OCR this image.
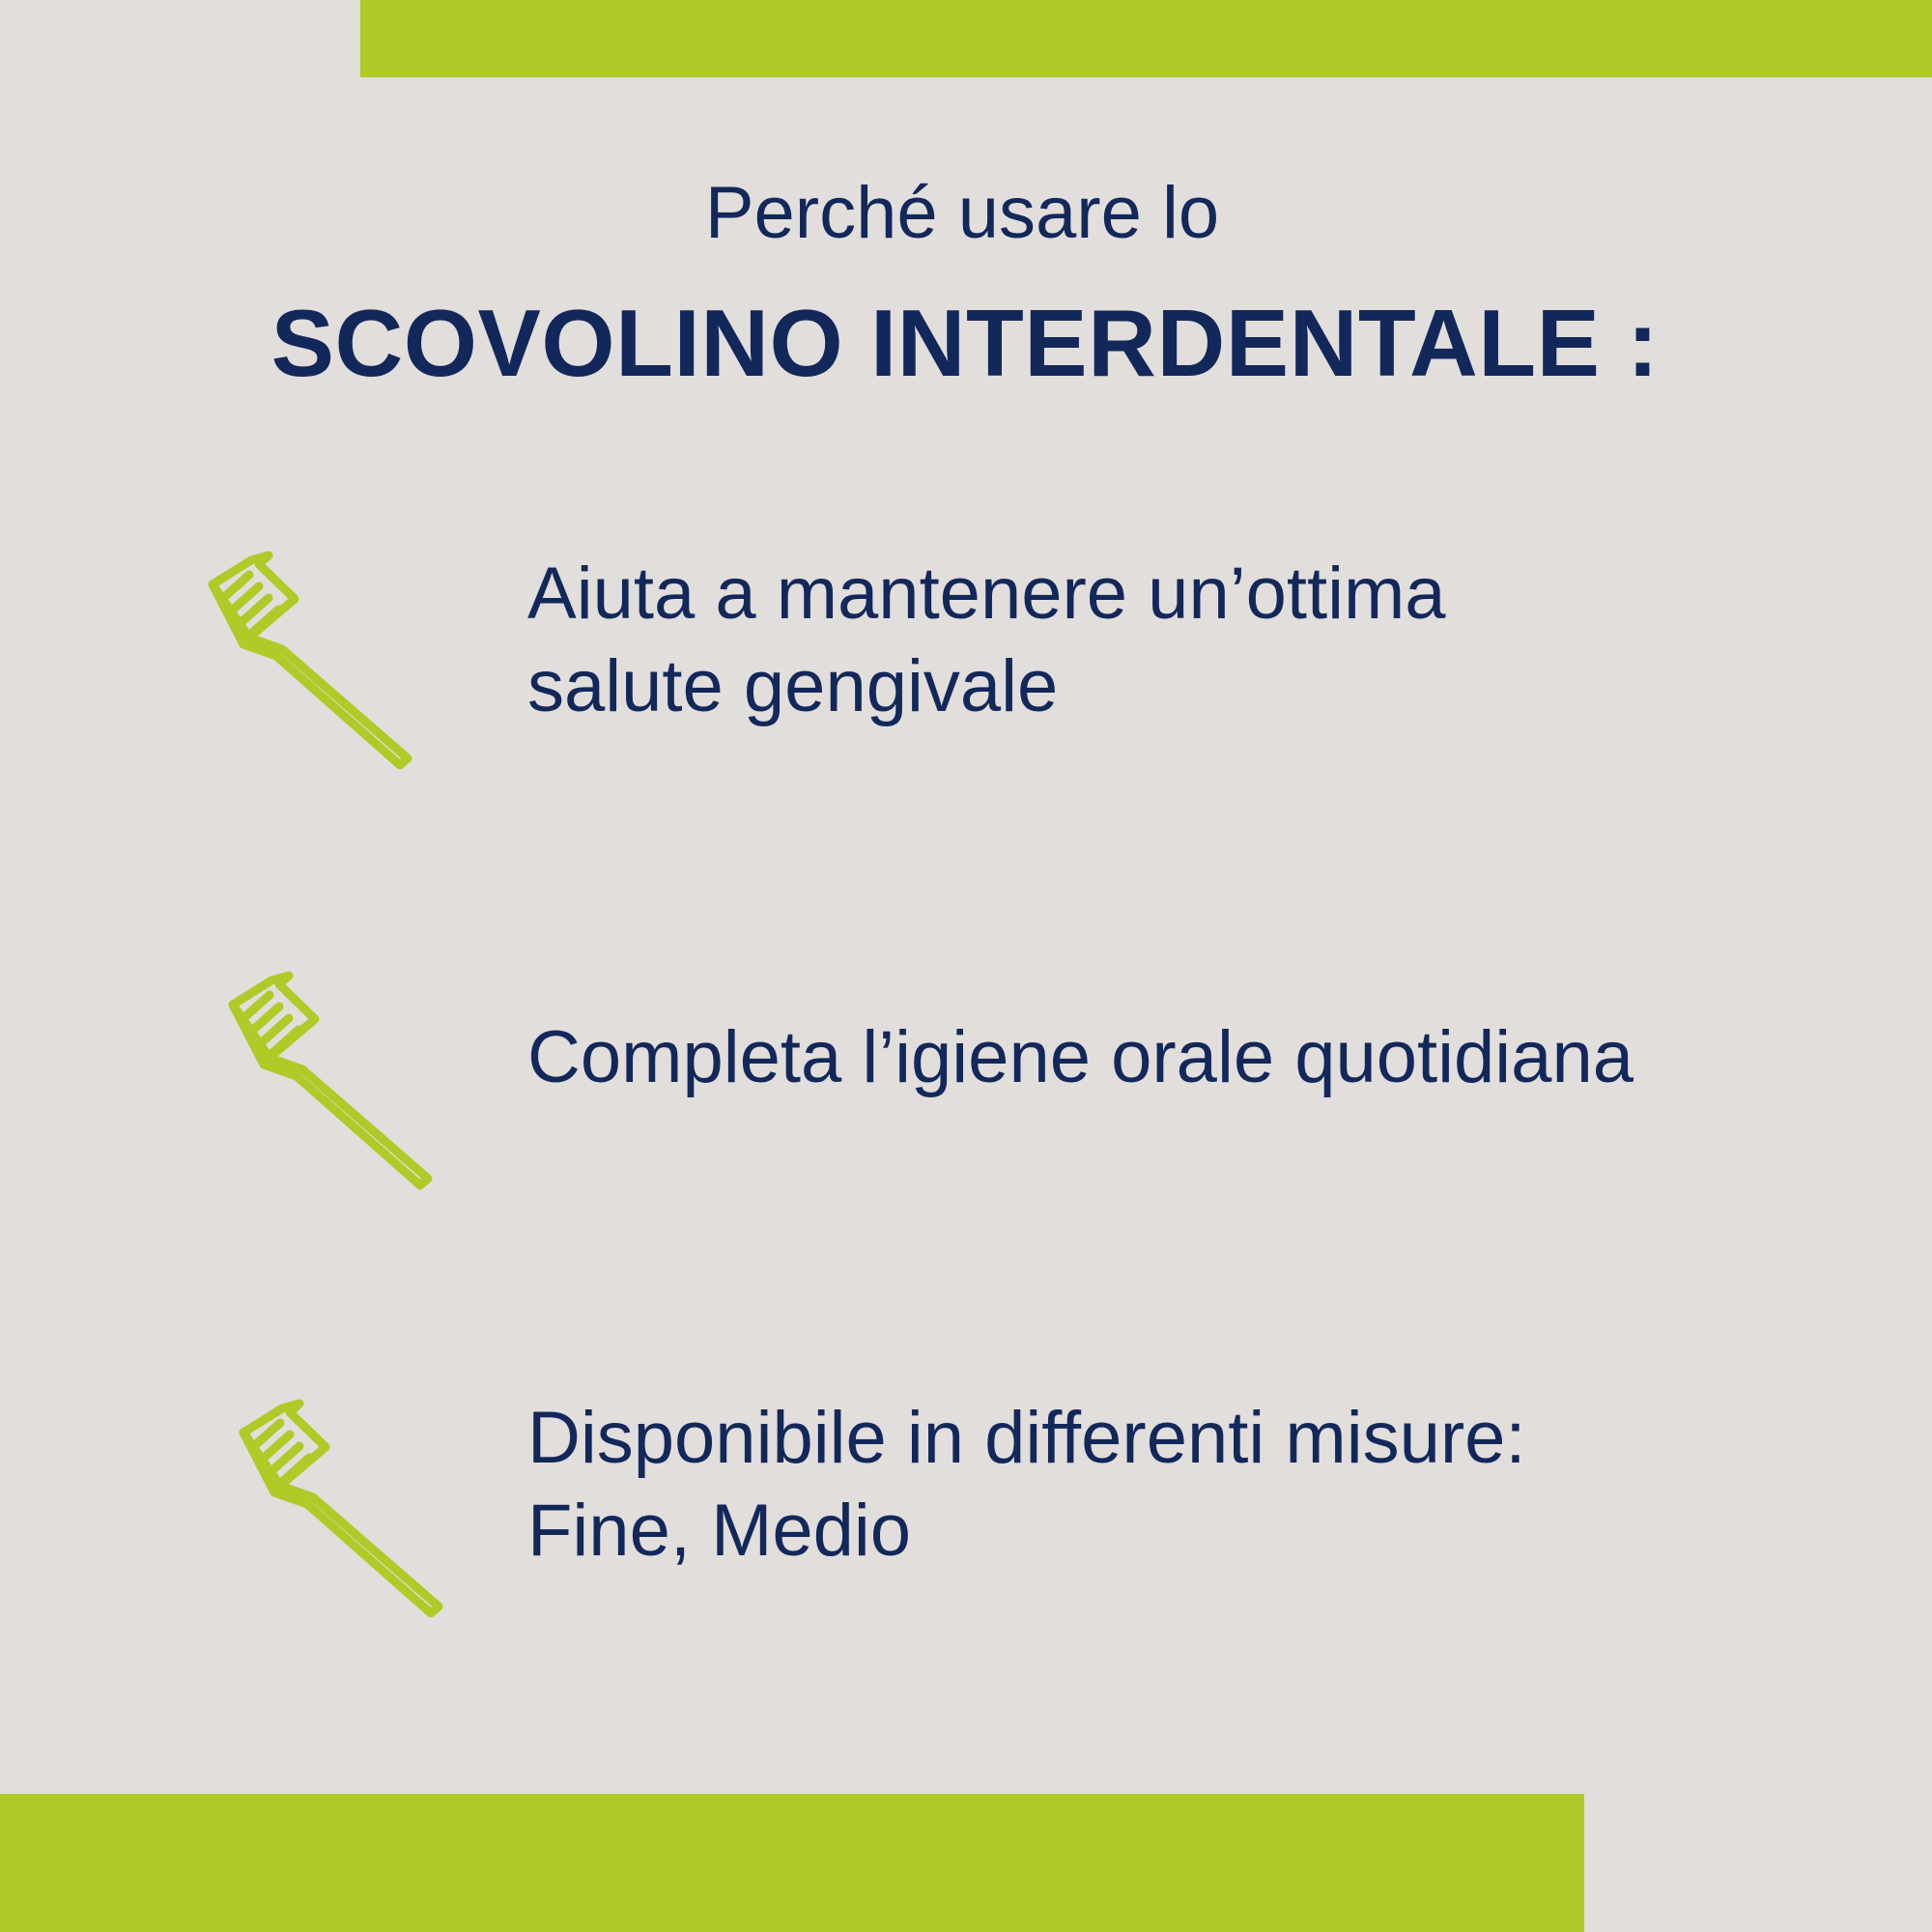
Perché usare lo
SCOVOLINO INTERDENTALE :
Aiuta a mantenere un’ottima
salute gengivale
Completa l’igiene orale quotidiana
Disponibile in differenti misure:
Fine, Medio
